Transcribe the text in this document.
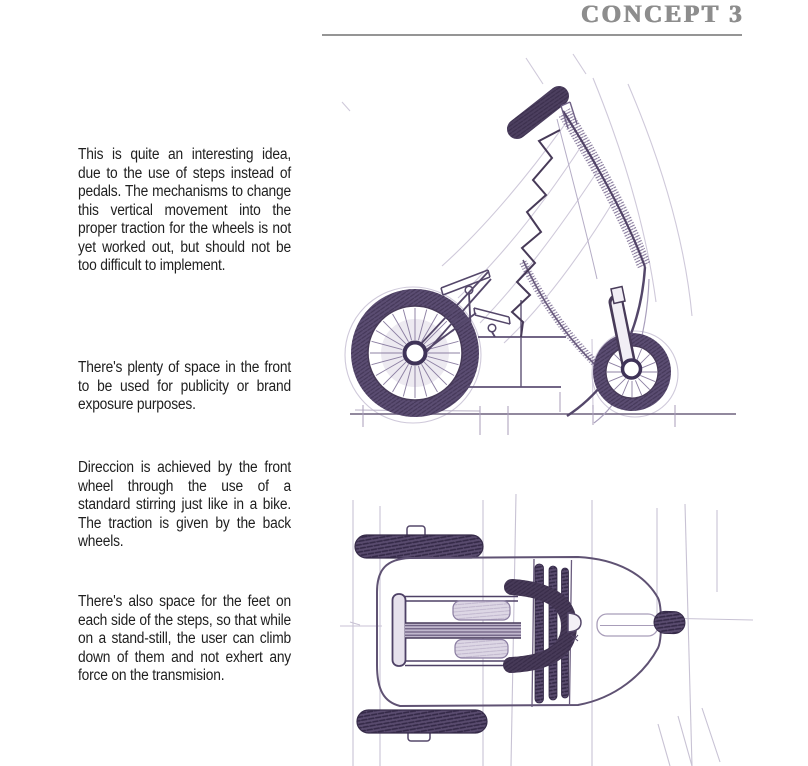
CONCEPT 3

This is quite an interesting idea, due to the use of steps instead of pedals. The mechanisms to change this vertical movement into the proper traction for the wheels is not yet worked out, but should not be too difficult to implement.

There's plenty of space in the front to be used for publicity or brand exposure purposes.

Direccion is achieved by the front wheel through the use of a standard stirring just like in a bike. The traction is given by the back wheels.

There's also space for the feet on each side of the steps, so that while on a stand-still, the user can climb down of them and not exhert any force on the transmision.
